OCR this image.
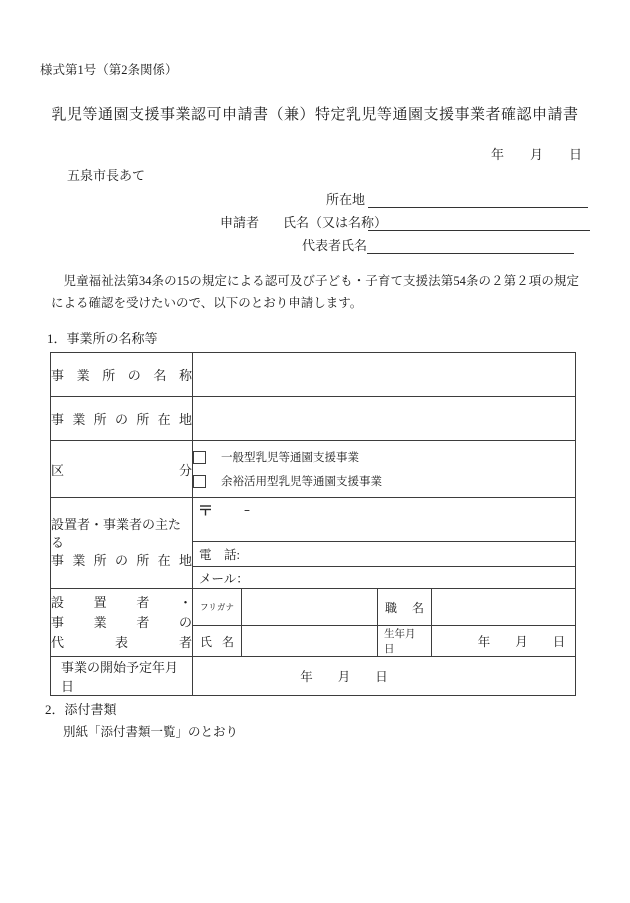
様式第1号（第2条関係）
乳児等通園支援事業認可申請書（兼）特定乳児等通園支援事業者確認申請書
年　　月　　日
五泉市長あて
所在地
申請者 氏名（又は名称）
代表者氏名
児童福祉法第34条の15の規定による認可及び子ども・子育て支援法第54条の２第２項の規定による確認を受けたいので、以下のとおり申請します。
1．事業所の名称等
事業所の名称				

事業所の所在地				

区分	一般型乳児等通園支援事業
余裕活用型乳児等通園支援事業			

設置者・事業者の主たる
事業所の所在地	–			

	電　話:			
	メール：			

設置者・
事業者の
代表者	フリガナ		職名	

	氏名		生年月日	年　　月　　日

事業の開始予定年月日	年　　月　　日			
2．添付書類
別紙「添付書類一覧」のとおり
